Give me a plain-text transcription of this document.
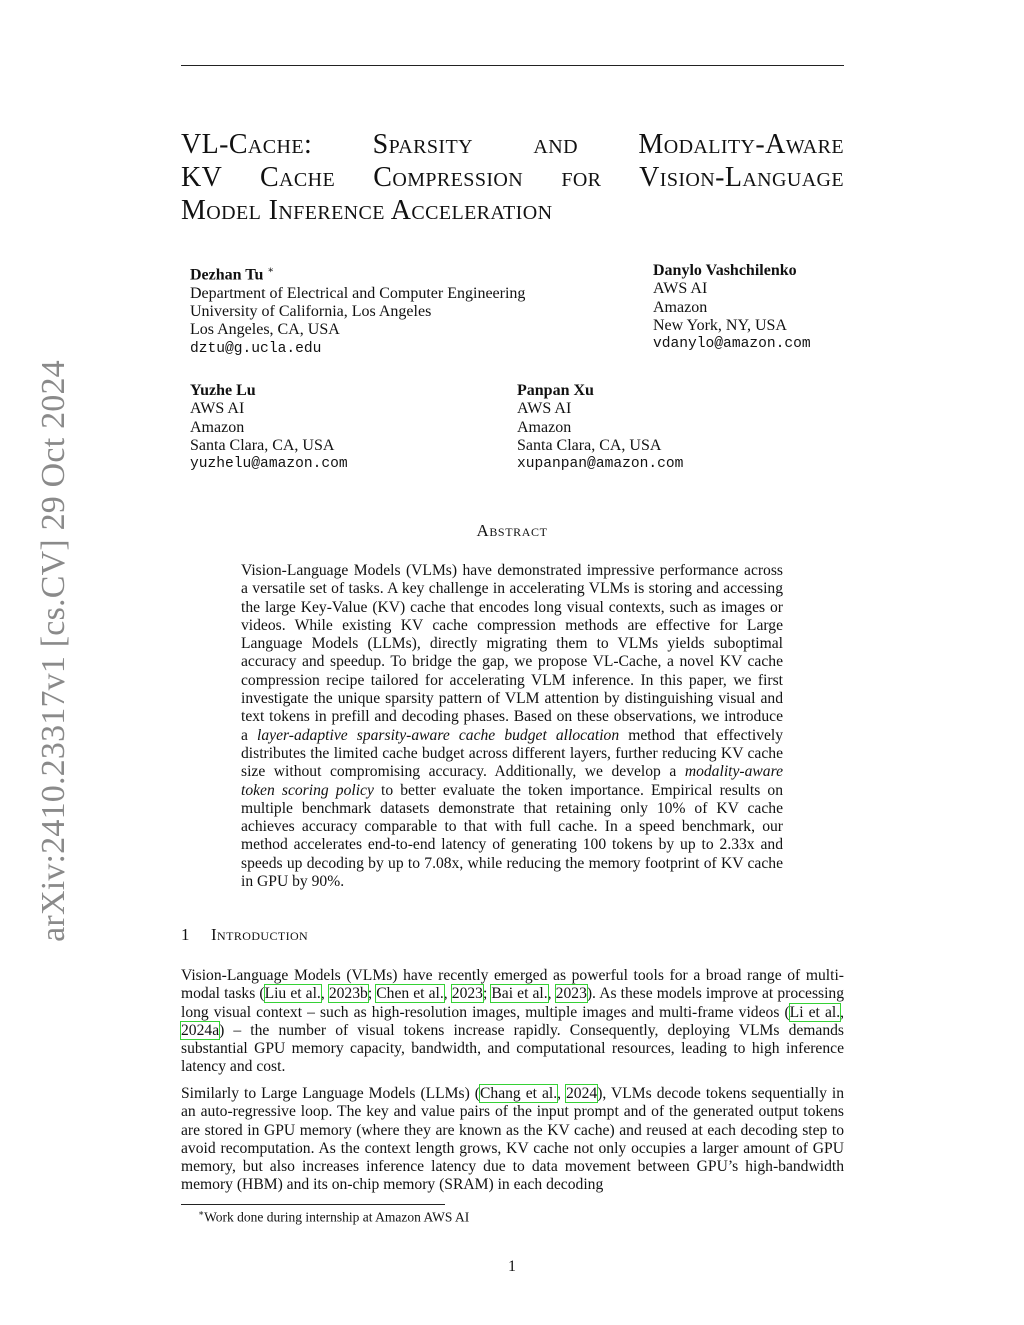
arXiv:2410.23317v1 [cs.CV] 29 Oct 2024
VL-Cache: Sparsity and Modality-Aware
KV Cache Compression for Vision-Language
Model Inference Acceleration
Dezhan Tu ∗
Department of Electrical and Computer Engineering
University of California, Los Angeles
Los Angeles, CA, USA
dztu@g.ucla.edu
Danylo Vashchilenko
AWS AI
Amazon
New York, NY, USA
vdanylo@amazon.com
Yuzhe Lu
AWS AI
Amazon
Santa Clara, CA, USA
yuzhelu@amazon.com
Panpan Xu
AWS AI
Amazon
Santa Clara, CA, USA
xupanpan@amazon.com
Abstract

Vision-Language Models (VLMs) have demonstrated impressive performance across a versatile set of tasks. A key challenge in accelerating VLMs is storing and accessing the large Key-Value (KV) cache that encodes long visual contexts, such as images or videos. While existing KV cache compression methods are effective for Large Language Models (LLMs), directly migrating them to VLMs yields suboptimal accuracy and speedup. To bridge the gap, we propose VL-Cache, a novel KV cache compression recipe tailored for accelerating VLM inference. In this paper, we first investigate the unique sparsity pattern of VLM attention by distinguishing visual and text tokens in prefill and decoding phases. Based on these observations, we introduce a layer-adaptive sparsity-aware cache budget allocation method that effectively distributes the limited cache budget across different layers, further reducing KV cache size without compromising accuracy. Additionally, we develop a modality-aware token scoring policy to better evaluate the token importance. Empirical results on multiple benchmark datasets demonstrate that retaining only 10% of KV cache achieves accuracy comparable to that with full cache. In a speed benchmark, our method accelerates end-to-end latency of generating 100 tokens by up to 2.33x and speeds up decoding by up to 7.08x, while reducing the memory footprint of KV cache in GPU by 90%.

1 Introduction

Vision-Language Models (VLMs) have recently emerged as powerful tools for a broad range of multi-modal tasks (Liu et al., 2023b; Chen et al., 2023; Bai et al., 2023). As these models improve at processing long visual context – such as high-resolution images, multiple images and multi-frame videos (Li et al., 2024a) – the number of visual tokens increase rapidly. Consequently, deploying VLMs demands substantial GPU memory capacity, bandwidth, and computational resources, leading to high inference latency and cost.

Similarly to Large Language Models (LLMs) (Chang et al., 2024), VLMs decode tokens sequentially in an auto-regressive loop. The key and value pairs of the input prompt and of the generated output tokens are stored in GPU memory (where they are known as the KV cache) and reused at each decoding step to avoid recomputation. As the context length grows, KV cache not only occupies a larger amount of GPU memory, but also increases inference latency due to data movement between GPU’s high-bandwidth memory (HBM) and its on-chip memory (SRAM) in each decoding

∗Work done during internship at Amazon AWS AI
1
